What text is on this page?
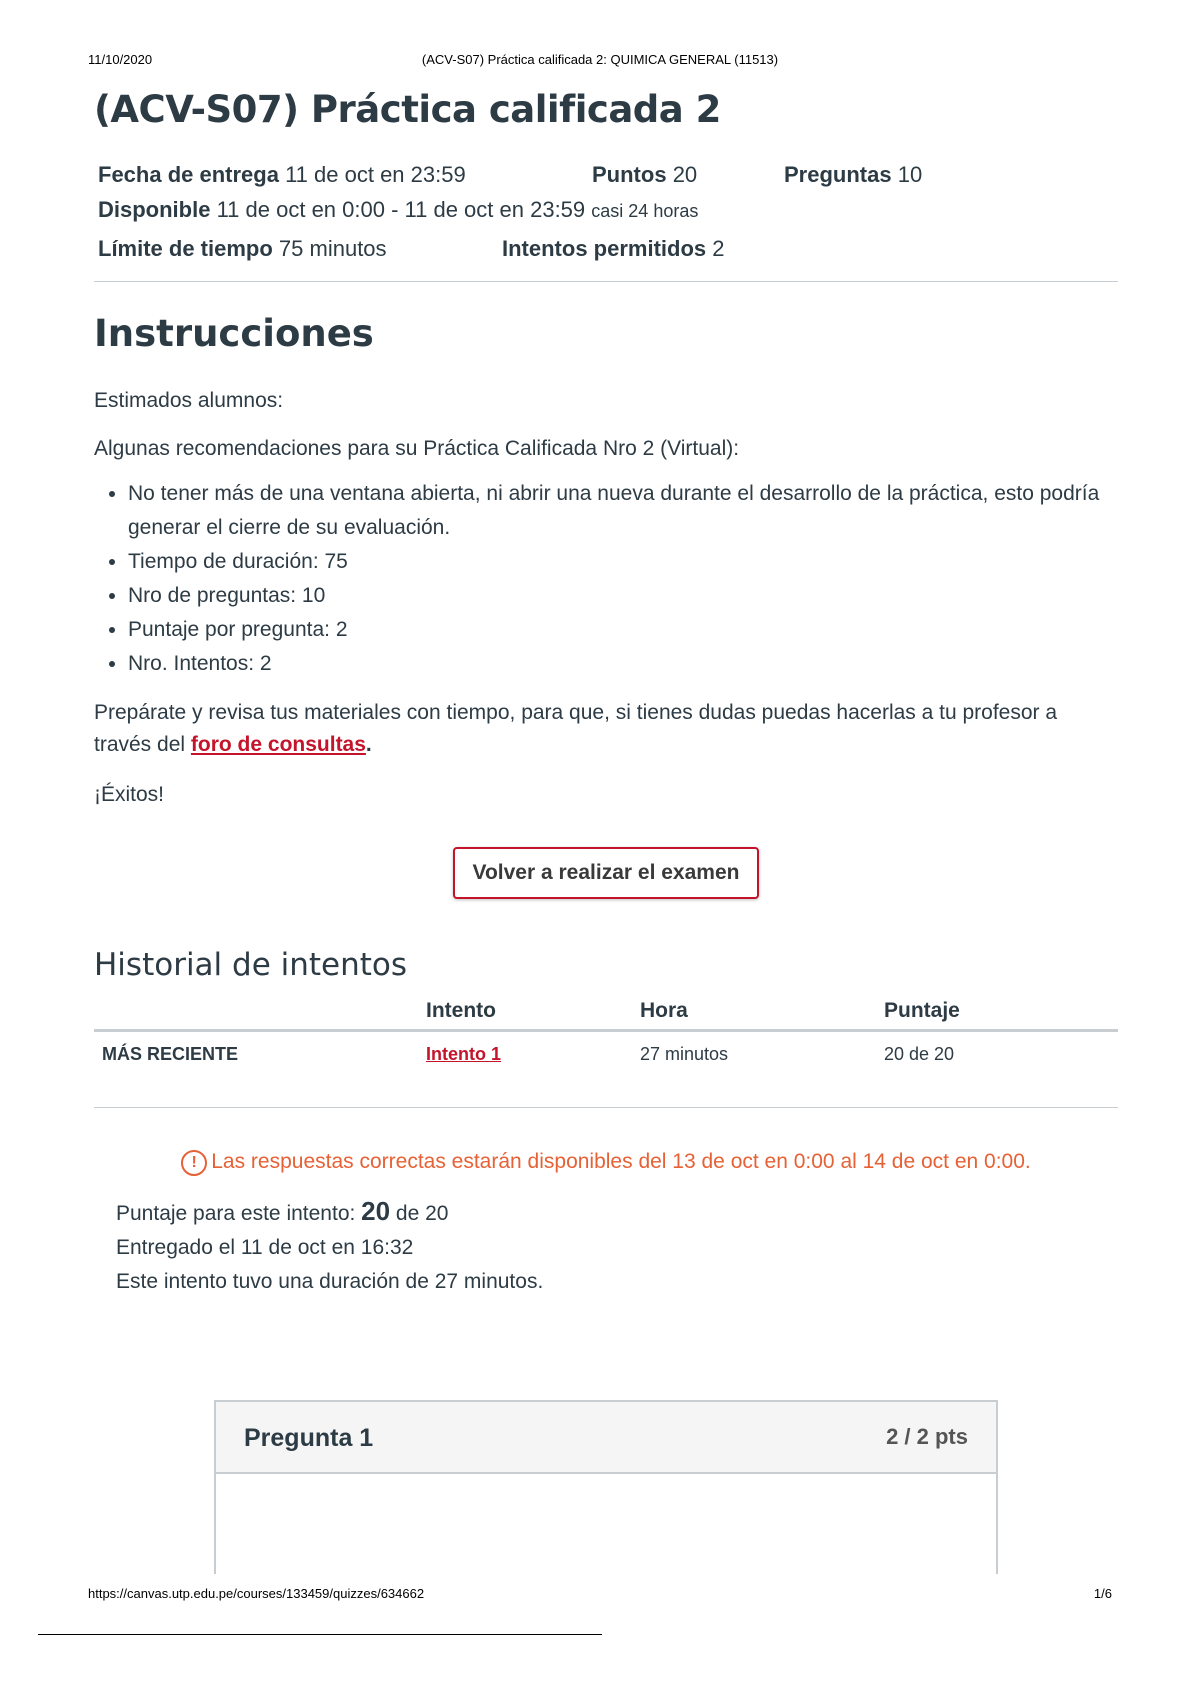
11/10/2020	(ACV-S07) Práctica calificada 2: QUIMICA GENERAL (11513)
(ACV-S07) Práctica calificada 2
Fecha de entrega 11 de oct en 23:59	Puntos 20	Preguntas 10
Disponible 11 de oct en 0:00 - 11 de oct en 23:59 casi 24 horas
Límite de tiempo 75 minutos	Intentos permitidos 2
Instrucciones

Estimados alumnos:

Algunas recomendaciones para su Práctica Calificada Nro 2 (Virtual):

• No tener más de una ventana abierta, ni abrir una nueva durante el desarrollo de la práctica, esto podría generar el cierre de su evaluación.
• Tiempo de duración: 75
• Nro de preguntas: 10
• Puntaje por pregunta: 2
• Nro. Intentos: 2

Prepárate y revisa tus materiales con tiempo, para que, si tienes dudas puedas hacerlas a tu profesor a través del foro de consultas.

¡Éxitos!

Volver a realizar el examen
Historial de intentos
	Intento	Hora	Puntaje
MÁS RECIENTE	Intento 1	27 minutos	20 de 20
! Las respuestas correctas estarán disponibles del 13 de oct en 0:00 al 14 de oct en 0:00.
Puntaje para este intento: 20 de 20
Entregado el 11 de oct en 16:32
Este intento tuvo una duración de 27 minutos.
Pregunta 1	2 / 2 pts
https://canvas.utp.edu.pe/courses/133459/quizzes/634662	1/6
